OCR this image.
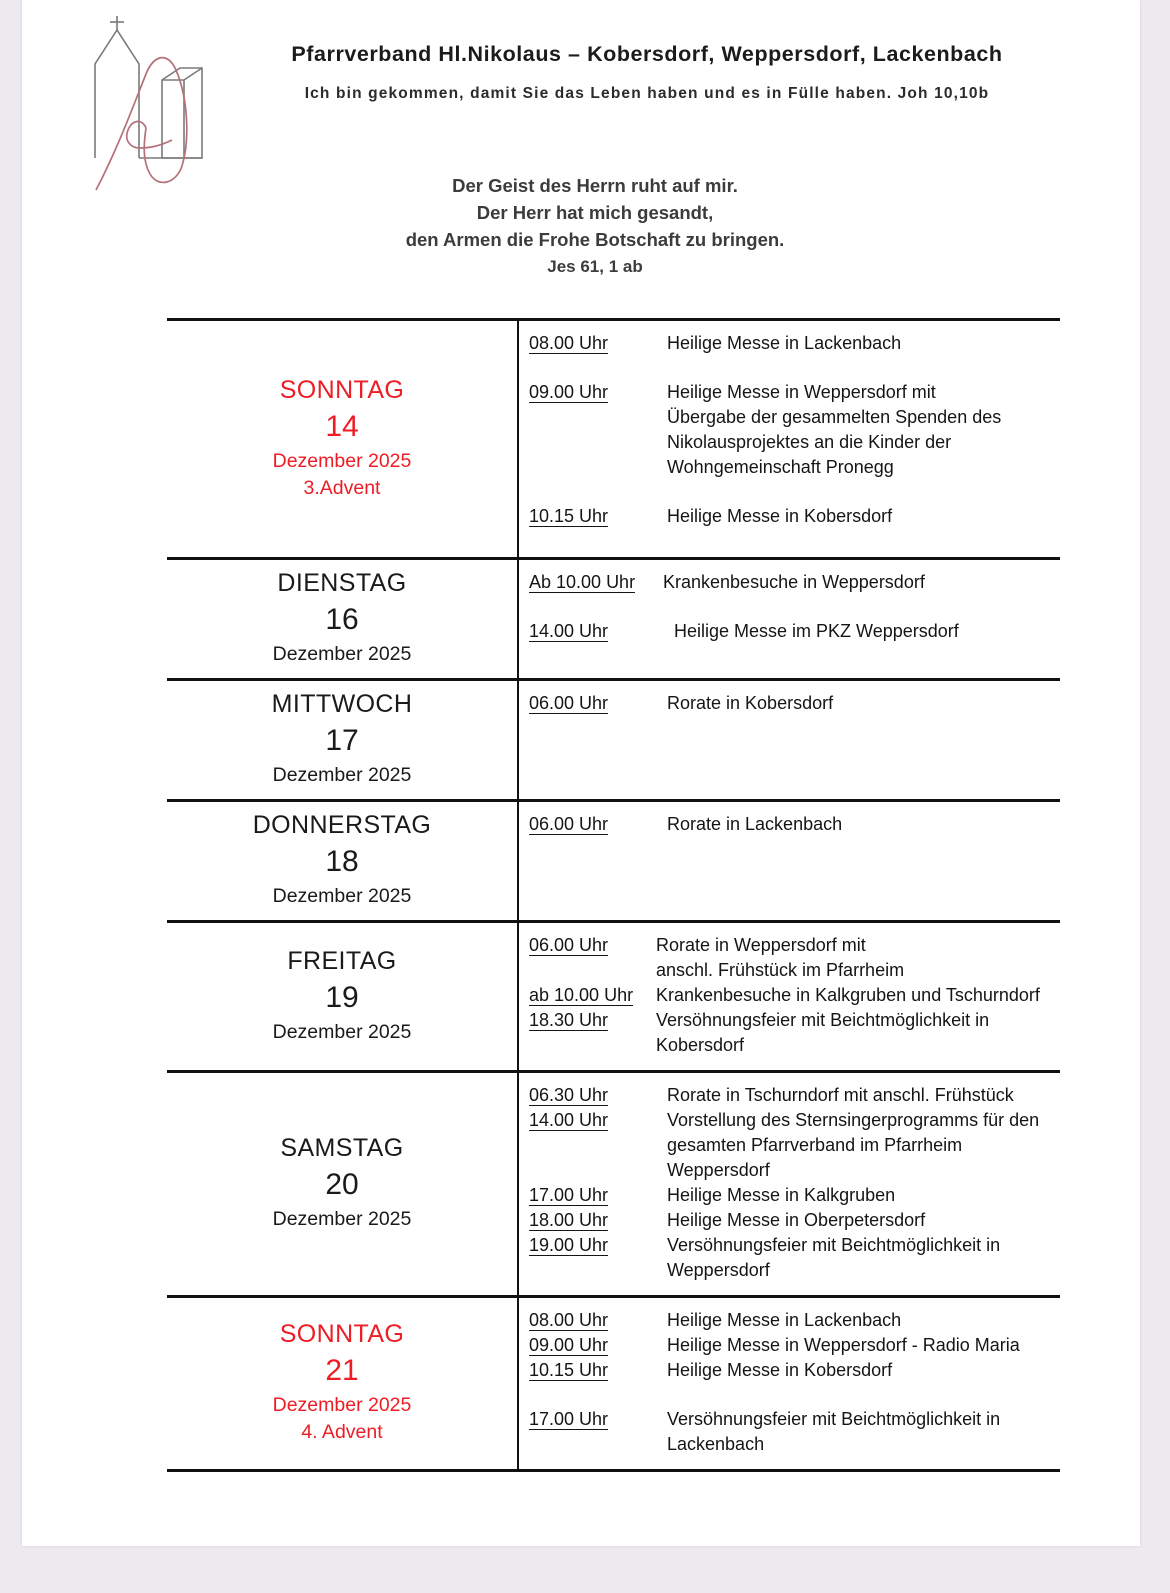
Pfarrverband Hl.Nikolaus – Kobersdorf, Weppersdorf, Lackenbach
Ich bin gekommen, damit Sie das Leben haben und es in Fülle haben. Joh 10,10b
Der Geist des Herrn ruht auf mir.
Der Herr hat mich gesandt,
den Armen die Frohe Botschaft zu bringen.
Jes 61, 1 ab
SONNTAG
14
Dezember 2025
3.Advent
08.00 Uhr	Heilige Messe in Lackenbach
09.00 Uhr	Heilige Messe in Weppersdorf mit
Übergabe der gesammelten Spenden des
Nikolausprojektes an die Kinder der
Wohngemeinschaft Pronegg
10.15 Uhr	Heilige Messe in Kobersdorf
DIENSTAG
16
Dezember 2025
Ab 10.00 Uhr	Krankenbesuche in Weppersdorf
14.00 Uhr	Heilige Messe im PKZ Weppersdorf
MITTWOCH
17
Dezember 2025
06.00 Uhr	Rorate in Kobersdorf
DONNERSTAG
18
Dezember 2025
06.00 Uhr	Rorate in Lackenbach
FREITAG
19
Dezember 2025
06.00 Uhr	Rorate in Weppersdorf mit
anschl. Frühstück im Pfarrheim
ab 10.00 Uhr	Krankenbesuche in Kalkgruben und Tschurndorf
18.30 Uhr	Versöhnungsfeier mit Beichtmöglichkeit in
Kobersdorf
SAMSTAG
20
Dezember 2025
06.30 Uhr	Rorate in Tschurndorf mit anschl. Frühstück
14.00 Uhr	Vorstellung des Sternsingerprogramms für den
gesamten Pfarrverband im Pfarrheim
Weppersdorf
17.00 Uhr	Heilige Messe in Kalkgruben
18.00 Uhr	Heilige Messe in Oberpetersdorf
19.00 Uhr	Versöhnungsfeier mit Beichtmöglichkeit in
Weppersdorf
SONNTAG
21
Dezember 2025
4. Advent
08.00 Uhr	Heilige Messe in Lackenbach
09.00 Uhr	Heilige Messe in Weppersdorf - Radio Maria
10.15 Uhr	Heilige Messe in Kobersdorf
17.00 Uhr	Versöhnungsfeier mit Beichtmöglichkeit in
Lackenbach
